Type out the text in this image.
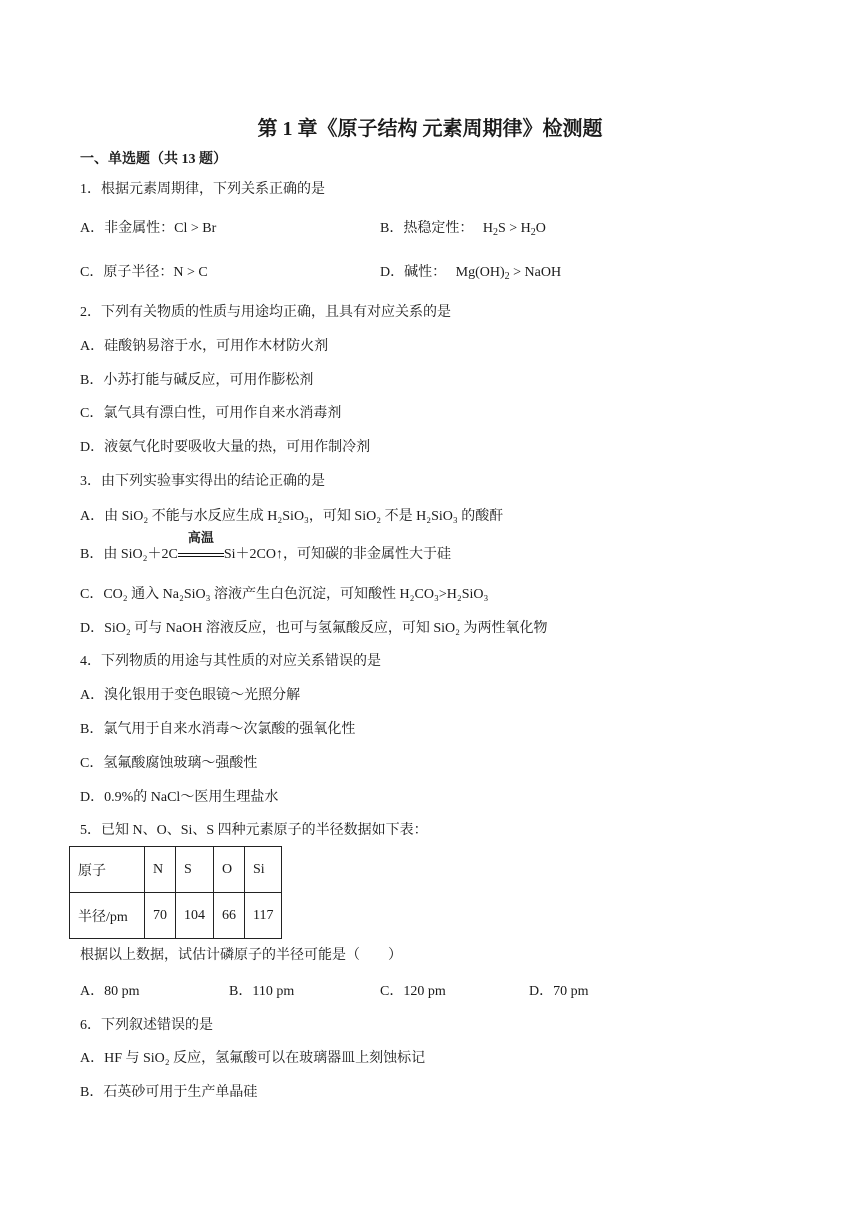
第 1 章《原子结构 元素周期律》检测题
一、单选题（共 13 题）
1．根据元素周期律，下列关系正确的是
A．非金属性：Cl > Br	B．热稳定性： $H_2S > H_2O$
C．原子半径：N > C	D．碱性： $Mg(OH)_2$ > NaOH
2．下列有关物质的性质与用途均正确，且具有对应关系的是
A．硅酸钠易溶于水，可用作木材防火剂
B．小苏打能与碱反应，可用作膨松剂
C．氯气具有漂白性，可用作自来水消毒剂
D．液氨气化时要吸收大量的热，可用作制冷剂
3．由下列实验事实得出的结论正确的是
A．由 SiO₂ 不能与水反应生成 H₂SiO₃，可知 SiO₂ 不是 H₂SiO₃ 的酸酐
B．由 SiO₂＋2C
高温
Si＋2CO↑，可知碳的非金属性大于硅
C．CO₂ 通入 Na₂SiO₃ 溶液产生白色沉淀，可知酸性 H₂CO₃>H₂SiO₃
D．SiO₂ 可与 NaOH 溶液反应，也可与氢氟酸反应，可知 SiO₂ 为两性氧化物
4．下列物质的用途与其性质的对应关系错误的是
A．溴化银用于变色眼镜～光照分解
B．氯气用于自来水消毒～次氯酸的强氧化性
C．氢氟酸腐蚀玻璃～强酸性
D．0.9%的 NaCl～医用生理盐水
5．已知 N、O、Si、S 四种元素原子的半径数据如下表：
原子	N	S	O	Si
半径/pm	70	104	66	117
根据以上数据，试估计磷原子的半径可能是（　　）
A．80 pm	B．110 pm	C．120 pm	D．70 pm
6．下列叙述错误的是
A．HF 与 SiO₂ 反应，氢氟酸可以在玻璃器皿上刻蚀标记
B．石英砂可用于生产单晶硅
